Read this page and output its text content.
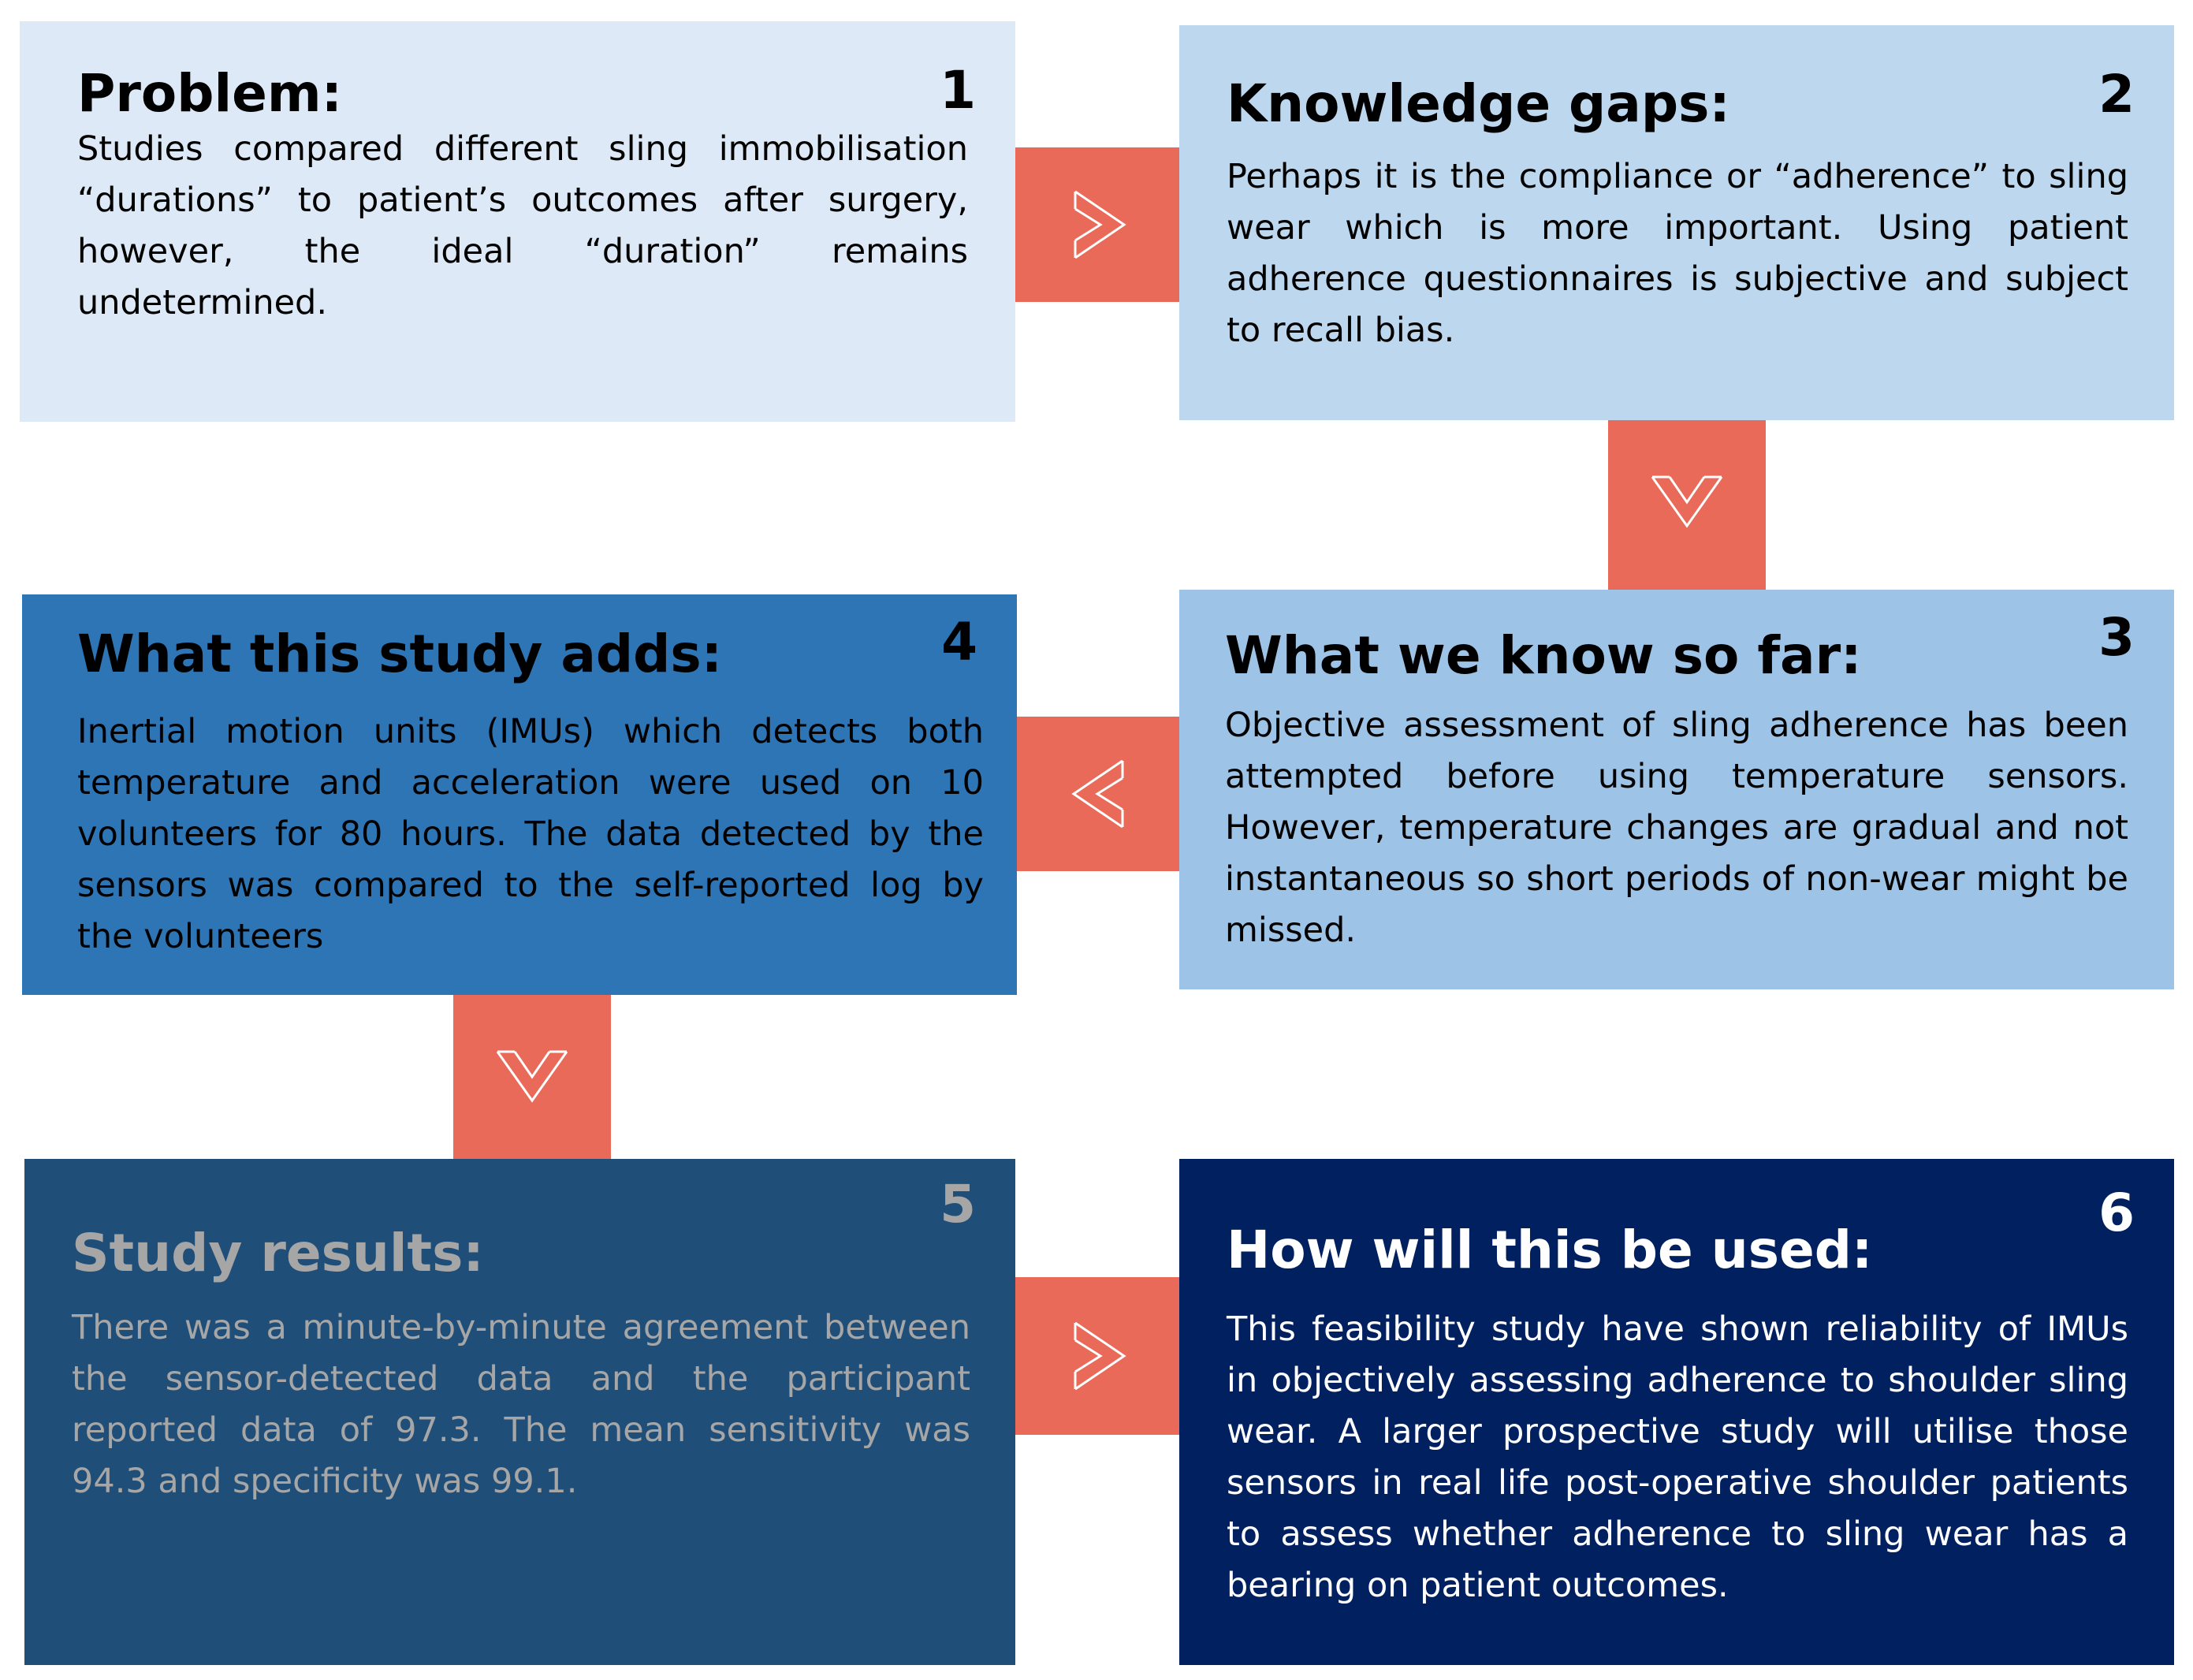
1
Problem:
Studies compared different sling immobilisation “durations” to patient’s outcomes after surgery, however, the ideal “duration” remains undetermined.
2
Knowledge gaps:
Perhaps it is the compliance or “adherence” to sling wear which is more important. Using patient adherence questionnaires is subjective and subject to recall bias.
3
What we know so far:
Objective assessment of sling adherence has been attempted before using temperature sensors. However, temperature changes are gradual and not instantaneous so short periods of non-wear might be missed.
4
What this study adds:
Inertial motion units (IMUs) which detects both temperature and acceleration were used on 10 volunteers for 80 hours. The data detected by the sensors was compared to the self-reported log by the volunteers
5
Study results:
There was a minute-by-minute agreement between the sensor-detected data and the participant reported data of 97.3. The mean sensitivity was 94.3 and specificity was 99.1.
6
How will this be used:
This feasibility study have shown reliability of IMUs in objectively assessing adherence to shoulder sling wear. A larger prospective study will utilise those sensors in real life post-operative shoulder patients to assess whether adherence to sling wear has a bearing on patient outcomes.
